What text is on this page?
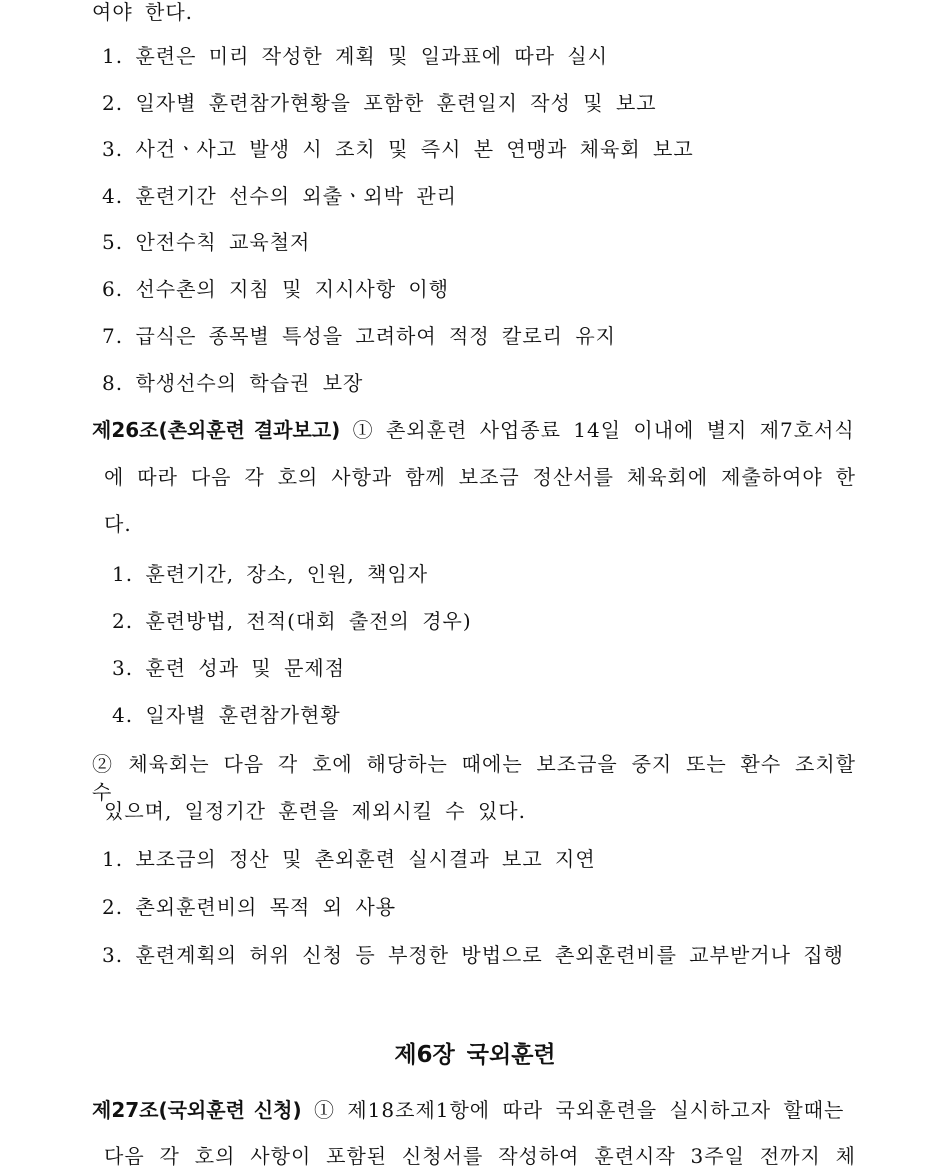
여야 한다.
1. 훈련은 미리 작성한 계획 및 일과표에 따라 실시
2. 일자별 훈련참가현황을 포함한 훈련일지 작성 및 보고
3. 사건ㆍ사고 발생 시 조치 및 즉시 본 연맹과 체육회 보고
4. 훈련기간 선수의 외출ㆍ외박 관리
5. 안전수칙 교육철저
6. 선수촌의 지침 및 지시사항 이행
7. 급식은 종목별 특성을 고려하여 적정 칼로리 유지
8. 학생선수의 학습권 보장
제26조(촌외훈련 결과보고) ① 촌외훈련 사업종료 14일 이내에 별지 제7호서식
에 따라 다음 각 호의 사항과 함께 보조금 정산서를 체육회에 제출하여야 한
다.
1. 훈련기간, 장소, 인원, 책임자
2. 훈련방법, 전적(대회 출전의 경우)
3. 훈련 성과 및 문제점
4. 일자별 훈련참가현황
② 체육회는 다음 각 호에 해당하는 때에는 보조금을 중지 또는 환수 조치할 수
있으며, 일정기간 훈련을 제외시킬 수 있다.
1. 보조금의 정산 및 촌외훈련 실시결과 보고 지연
2. 촌외훈련비의 목적 외 사용
3. 훈련계획의 허위 신청 등 부정한 방법으로 촌외훈련비를 교부받거나 집행
제6장 국외훈련
제27조(국외훈련 신청) ① 제18조제1항에 따라 국외훈련을 실시하고자 할때는
다음 각 호의 사항이 포함된 신청서를 작성하여 훈련시작 3주일 전까지 체
